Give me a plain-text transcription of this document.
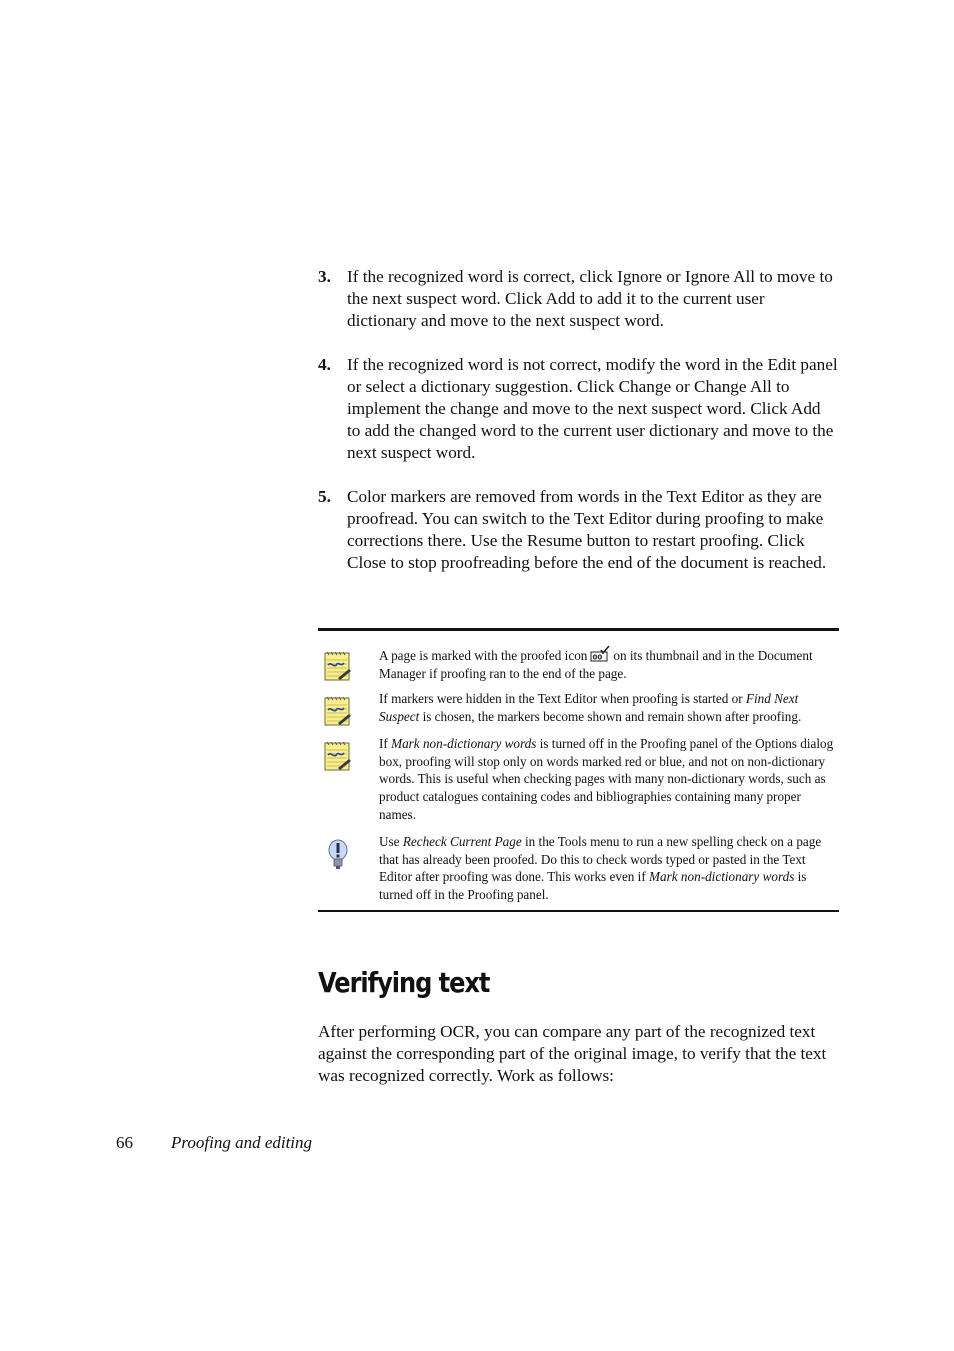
3. If the recognized word is correct, click Ignore or Ignore All to move to the next suspect word. Click Add to add it to the current user dictionary and move to the next suspect word.
4. If the recognized word is not correct, modify the word in the Edit panel or select a dictionary suggestion. Click Change or Change All to implement the change and move to the next suspect word. Click Add to add the changed word to the current user dictionary and move to the next suspect word.
5. Color markers are removed from words in the Text Editor as they are proofread. You can switch to the Text Editor during proofing to make corrections there. Use the Resume button to restart proofing. Click Close to stop proofreading before the end of the document is reached.
A page is marked with the proofed icon on its thumbnail and in the Document Manager if proofing ran to the end of the page.
If markers were hidden in the Text Editor when proofing is started or Find Next Suspect is chosen, the markers become shown and remain shown after proofing.
If Mark non-dictionary words is turned off in the Proofing panel of the Options dialog box, proofing will stop only on words marked red or blue, and not on non-dictionary words. This is useful when checking pages with many non-dictionary words, such as product catalogues containing codes and bibliographies containing many proper names.
Use Recheck Current Page in the Tools menu to run a new spelling check on a page that has already been proofed. Do this to check words typed or pasted in the Text Editor after proofing was done. This works even if Mark non-dictionary words is turned off in the Proofing panel.
Verifying text

After performing OCR, you can compare any part of the recognized text against the corresponding part of the original image, to verify that the text was recognized correctly. Work as follows:

66 Proofing and editing
